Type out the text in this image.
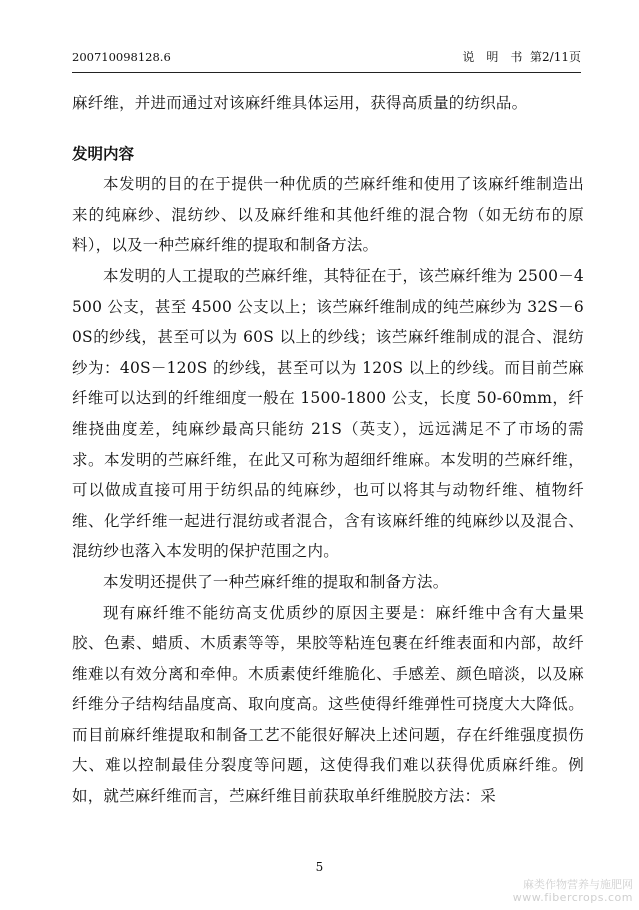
200710098128.6	说　明　书 第2/11页

麻纤维，并进而通过对该麻纤维具体运用，获得高质量的纺织品。

发明内容

本发明的目的在于提供一种优质的苎麻纤维和使用了该麻纤维制造出来的纯麻纱、混纺纱、以及麻纤维和其他纤维的混合物（如无纺布的原料），以及一种苎麻纤维的提取和制备方法。

本发明的人工提取的苎麻纤维，其特征在于，该苎麻纤维为 2500－4500 公支，甚至 4500 公支以上；该苎麻纤维制成的纯苎麻纱为 32S－60S的纱线，甚至可以为 60S 以上的纱线；该苎麻纤维制成的混合、混纺纱为：40S－120S 的纱线，甚至可以为 120S 以上的纱线。而目前苎麻纤维可以达到的纤维细度一般在 1500-1800 公支，长度 50-60mm，纤维挠曲度差，纯麻纱最高只能纺 21S（英支），远远满足不了市场的需求。本发明的苎麻纤维，在此又可称为超细纤维麻。本发明的苎麻纤维，可以做成直接可用于纺织品的纯麻纱，也可以将其与动物纤维、植物纤维、化学纤维一起进行混纺或者混合，含有该麻纤维的纯麻纱以及混合、混纺纱也落入本发明的保护范围之内。

本发明还提供了一种苎麻纤维的提取和制备方法。

现有麻纤维不能纺高支优质纱的原因主要是：麻纤维中含有大量果胶、色素、蜡质、木质素等等，果胶等粘连包裹在纤维表面和内部，故纤维难以有效分离和牵伸。木质素使纤维脆化、手感差、颜色暗淡，以及麻纤维分子结构结晶度高、取向度高。这些使得纤维弹性可挠度大大降低。而目前麻纤维提取和制备工艺不能很好解决上述问题，存在纤维强度损伤大、难以控制最佳分裂度等问题，这使得我们难以获得优质麻纤维。例如，就苎麻纤维而言，苎麻纤维目前获取单纤维脱胶方法：采

5
麻类作物营养与施肥网
www.fibercrops.com
